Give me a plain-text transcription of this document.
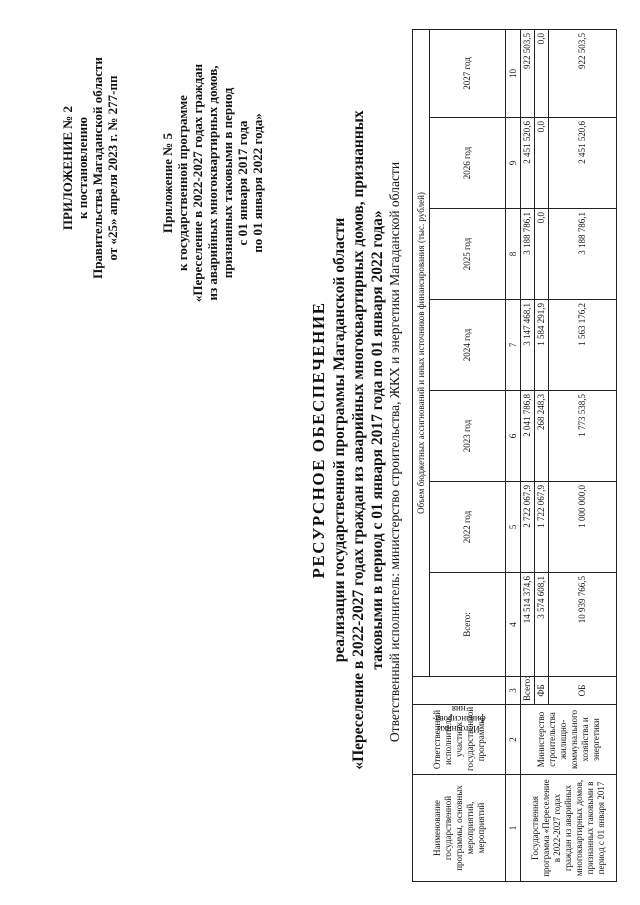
ПРИЛОЖЕНИЕ № 2 к постановлению Правительства Магаданской области от «25» апреля 2023 г. № 277-пп	Приложение № 5 к государственной программе «Переселение в 2022-2027 годах граждан из аварийных многоквартирных домов, признанных таковыми в период с 01 января 2017 года по 01 января 2022 года»
РЕСУРСНОЕ ОБЕСПЕЧЕНИЕ реализации государственной программы Магаданской области «Переселение в 2022-2027 годах граждан из аварийных многоквартирных домов, признанных таковыми в период с 01 января 2017 года по 01 января 2022 года» Ответственный исполнитель: министерство строительства, ЖКХ и энергетики Магаданской области
Наименование государственной программы, основных мероприятий, мероприятий	Ответственный исполнитель, участник государственной программы	Источники финансирова-ния	Объем бюджетных ассигнований и иных источников финансирования (тыс. рублей)						
			Всего:	2022 год	2023 год	2024 год	2025 год	2026 год	2027 год
1	2	3	4	5	6	7	8	9	10
Государственная программа «Переселение в 2022-2027 годах граждан из аварийных многоквартирных домов, признанных таковыми в период с 01 января 2017	Министерство строительства жилищно-коммунального хозяйства и энергетики	Всего:	14 514 374,6	2 722 067,9	2 041 786,8	3 147 468,1	3 188 786,1	2 451 520,6	922 503,5
		ФБ	3 574 608,1	1 722 067,9	268 248,3	1 584 291,9	0,0	0,0	0,0
		ОБ	10 939 766,5	1 000 000,0	1 773 538,5	1 563 176,2	3 188 786,1	2 451 520,6	922 503,5
